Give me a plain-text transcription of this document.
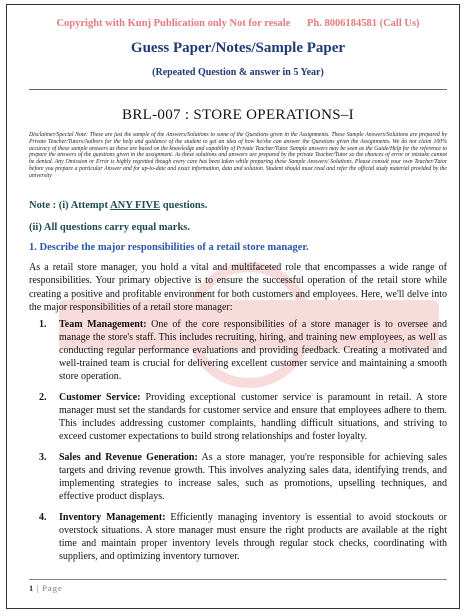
Copyright with Kunj Publication only Not for resale Ph. 8006184581 (Call Us)
Guess Paper/Notes/Sample Paper
(Repeated Question & answer in 5 Year)
BRL-007 : STORE OPERATIONS–I
Disclaimer/Special Note: These are just the sample of the Answers/Solutions to some of the Questions given in the Assignments. These Sample Answers/Solutions are prepared by Private Teacher/Tutors/Authors for the help and guidance of the student to get an idea of how he/she can answer the Questions given the Assignments. We do not claim 100% accuracy of these sample answers as these are based on the knowledge and capability of Private Teacher/Tutor. Sample answers may be seen as the Guide/Help for the reference to prepare the answers of the questions given in the assignment. As these solutions and answers are prepared by the private Teacher/Tutor so the chances of error or mistake cannot be denied. Any Omission or Error is highly regretted though every care has been taken while preparing these Sample Answers/ Solutions. Please consult your own Teacher/Tutor before you prepare a particular Answer and for up-to-date and exact information, data and solution. Student should must read and refer the official study material provided by the university
Note : (i) Attempt ANY FIVE questions.
(ii) All questions carry equal marks.
1. Describe the major responsibilities of a retail store manager.
As a retail store manager, you hold a vital and multifaceted role that encompasses a wide range of responsibilities. Your primary objective is to ensure the successful operation of the retail store while creating a positive and profitable environment for both customers and employees. Here, we'll delve into the major responsibilities of a retail store manager:
1. Team Management: One of the core responsibilities of a store manager is to oversee and manage the store's staff. This includes recruiting, hiring, and training new employees, as well as conducting regular performance evaluations and providing feedback. Creating a motivated and well-trained team is crucial for delivering excellent customer service and maintaining a smooth store operation.
2. Customer Service: Providing exceptional customer service is paramount in retail. A store manager must set the standards for customer service and ensure that employees adhere to them. This includes addressing customer complaints, handling difficult situations, and striving to exceed customer expectations to build strong relationships and foster loyalty.
3. Sales and Revenue Generation: As a store manager, you're responsible for achieving sales targets and driving revenue growth. This involves analyzing sales data, identifying trends, and implementing strategies to increase sales, such as promotions, upselling techniques, and effective product displays.
4. Inventory Management: Efficiently managing inventory is essential to avoid stockouts or overstock situations. A store manager must ensure the right products are available at the right time and maintain proper inventory levels through regular stock checks, coordinating with suppliers, and optimizing inventory turnover.
1 | Page
